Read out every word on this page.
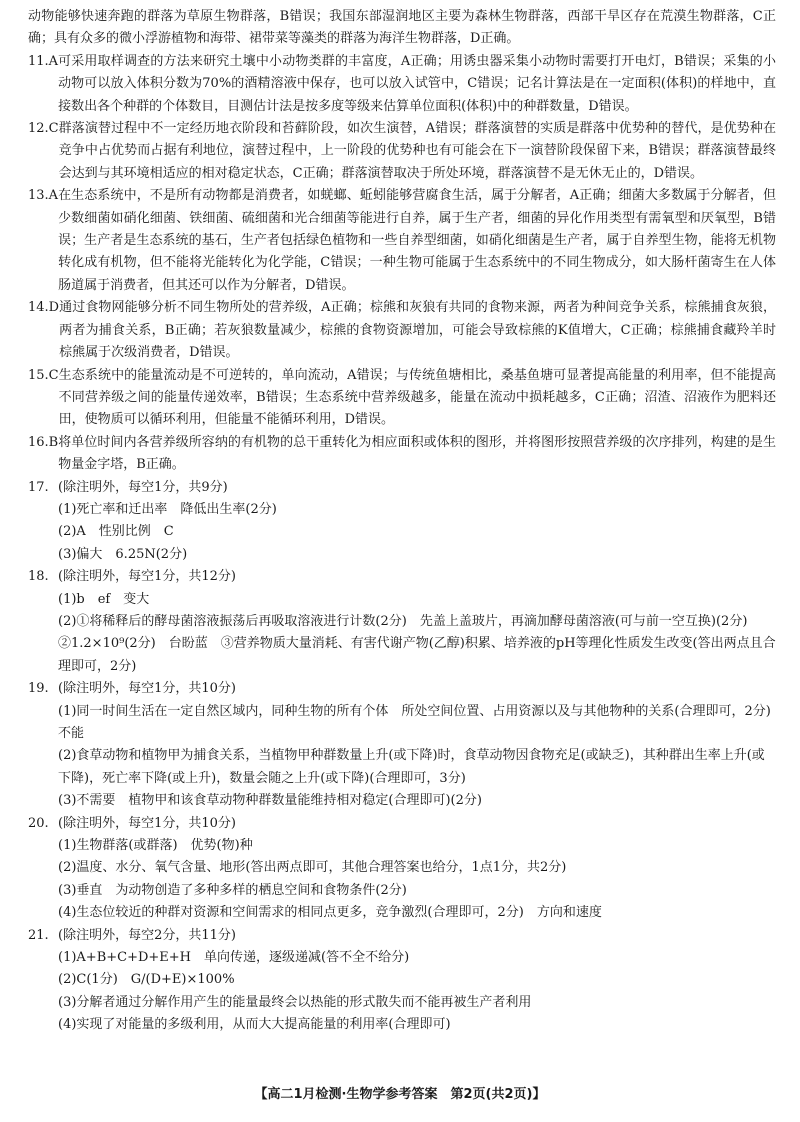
动物能够快速奔跑的群落为草原生物群落，B错误；我国东部湿润地区主要为森林生物群落，西部干旱区存在荒漠生物群落，C正确；具有众多的微小浮游植物和海带、裙带菜等藻类的群落为海洋生物群落，D正确。

11.A 可采用取样调查的方法来研究土壤中小动物类群的丰富度，A正确；用诱虫器采集小动物时需要打开电灯，B错误；采集的小动物可以放入体积分数为70%的酒精溶液中保存，也可以放入试管中，C错误；记名计算法是在一定面积(体积)的样地中，直接数出各个种群的个体数目，目测估计法是按多度等级来估算单位面积(体积)中的种群数量，D错误。
12.C 群落演替过程中不一定经历地衣阶段和苔藓阶段，如次生演替，A错误；群落演替的实质是群落中优势种的替代，是优势种在竞争中占优势而占据有利地位，演替过程中，上一阶段的优势种也有可能会在下一演替阶段保留下来，B错误；群落演替最终会达到与其环境相适应的相对稳定状态，C正确；群落演替取决于所处环境，群落演替不是无休无止的，D错误。
13.A 在生态系统中，不是所有动物都是消费者，如蜣螂、蚯蚓能够营腐食生活，属于分解者，A正确；细菌大多数属于分解者，但少数细菌如硝化细菌、铁细菌、硫细菌和光合细菌等能进行自养，属于生产者，细菌的异化作用类型有需氧型和厌氧型，B错误；生产者是生态系统的基石，生产者包括绿色植物和一些自养型细菌，如硝化细菌是生产者，属于自养型生物，能将无机物转化成有机物，但不能将光能转化为化学能，C错误；一种生物可能属于生态系统中的不同生物成分，如大肠杆菌寄生在人体肠道属于消费者，但其还可以作为分解者，D错误。
14.D 通过食物网能够分析不同生物所处的营养级，A正确；棕熊和灰狼有共同的食物来源，两者为种间竞争关系，棕熊捕食灰狼，两者为捕食关系，B正确；若灰狼数量减少，棕熊的食物资源增加，可能会导致棕熊的K值增大，C正确；棕熊捕食藏羚羊时棕熊属于次级消费者，D错误。
15.C 生态系统中的能量流动是不可逆转的，单向流动，A错误；与传统鱼塘相比，桑基鱼塘可显著提高能量的利用率，但不能提高不同营养级之间的能量传递效率，B错误；生态系统中营养级越多，能量在流动中损耗越多，C正确；沼渣、沼液作为肥料还田，使物质可以循环利用，但能量不能循环利用，D错误。
16.B 将单位时间内各营养级所容纳的有机物的总干重转化为相应面积或体积的图形，并将图形按照营养级的次序排列，构建的是生物量金字塔，B正确。
17. (除注明外，每空1分，共9分)
(1)死亡率和迁出率　降低出生率(2分)
(2)A　性别比例　C
(3)偏大　6.25N(2分)
18. (除注明外，每空1分，共12分)
(1)b　ef　变大
(2)①将稀释后的酵母菌溶液振荡后再吸取溶液进行计数(2分)　先盖上盖玻片，再滴加酵母菌溶液(可与前一空互换)(2分)　②1.2×10⁹(2分)　台盼蓝　③营养物质大量消耗、有害代谢产物(乙醇)积累、培养液的pH等理化性质发生改变(答出两点且合理即可，2分)
19. (除注明外，每空1分，共10分)
(1)同一时间生活在一定自然区域内，同种生物的所有个体　所处空间位置、占用资源以及与其他物种的关系(合理即可，2分)　不能
(2)食草动物和植物甲为捕食关系，当植物甲种群数量上升(或下降)时，食草动物因食物充足(或缺乏)，其种群出生率上升(或下降)，死亡率下降(或上升)，数量会随之上升(或下降)(合理即可，3分)
(3)不需要　植物甲和该食草动物种群数量能维持相对稳定(合理即可)(2分)
20. (除注明外，每空1分，共10分)
(1)生物群落(或群落)　优势(物)种
(2)温度、水分、氧气含量、地形(答出两点即可，其他合理答案也给分，1点1分，共2分)
(3)垂直　为动物创造了多种多样的栖息空间和食物条件(2分)
(4)生态位较近的种群对资源和空间需求的相同点更多，竞争激烈(合理即可，2分)　方向和速度
21. (除注明外，每空2分，共11分)
(1)A+B+C+D+E+H　单向传递，逐级递减(答不全不给分)
(2)C(1分)　G/(D+E)×100%
(3)分解者通过分解作用产生的能量最终会以热能的形式散失而不能再被生产者利用
(4)实现了对能量的多级利用，从而大大提高能量的利用率(合理即可)
【高二1月检测·生物学参考答案　第2页(共2页)】
